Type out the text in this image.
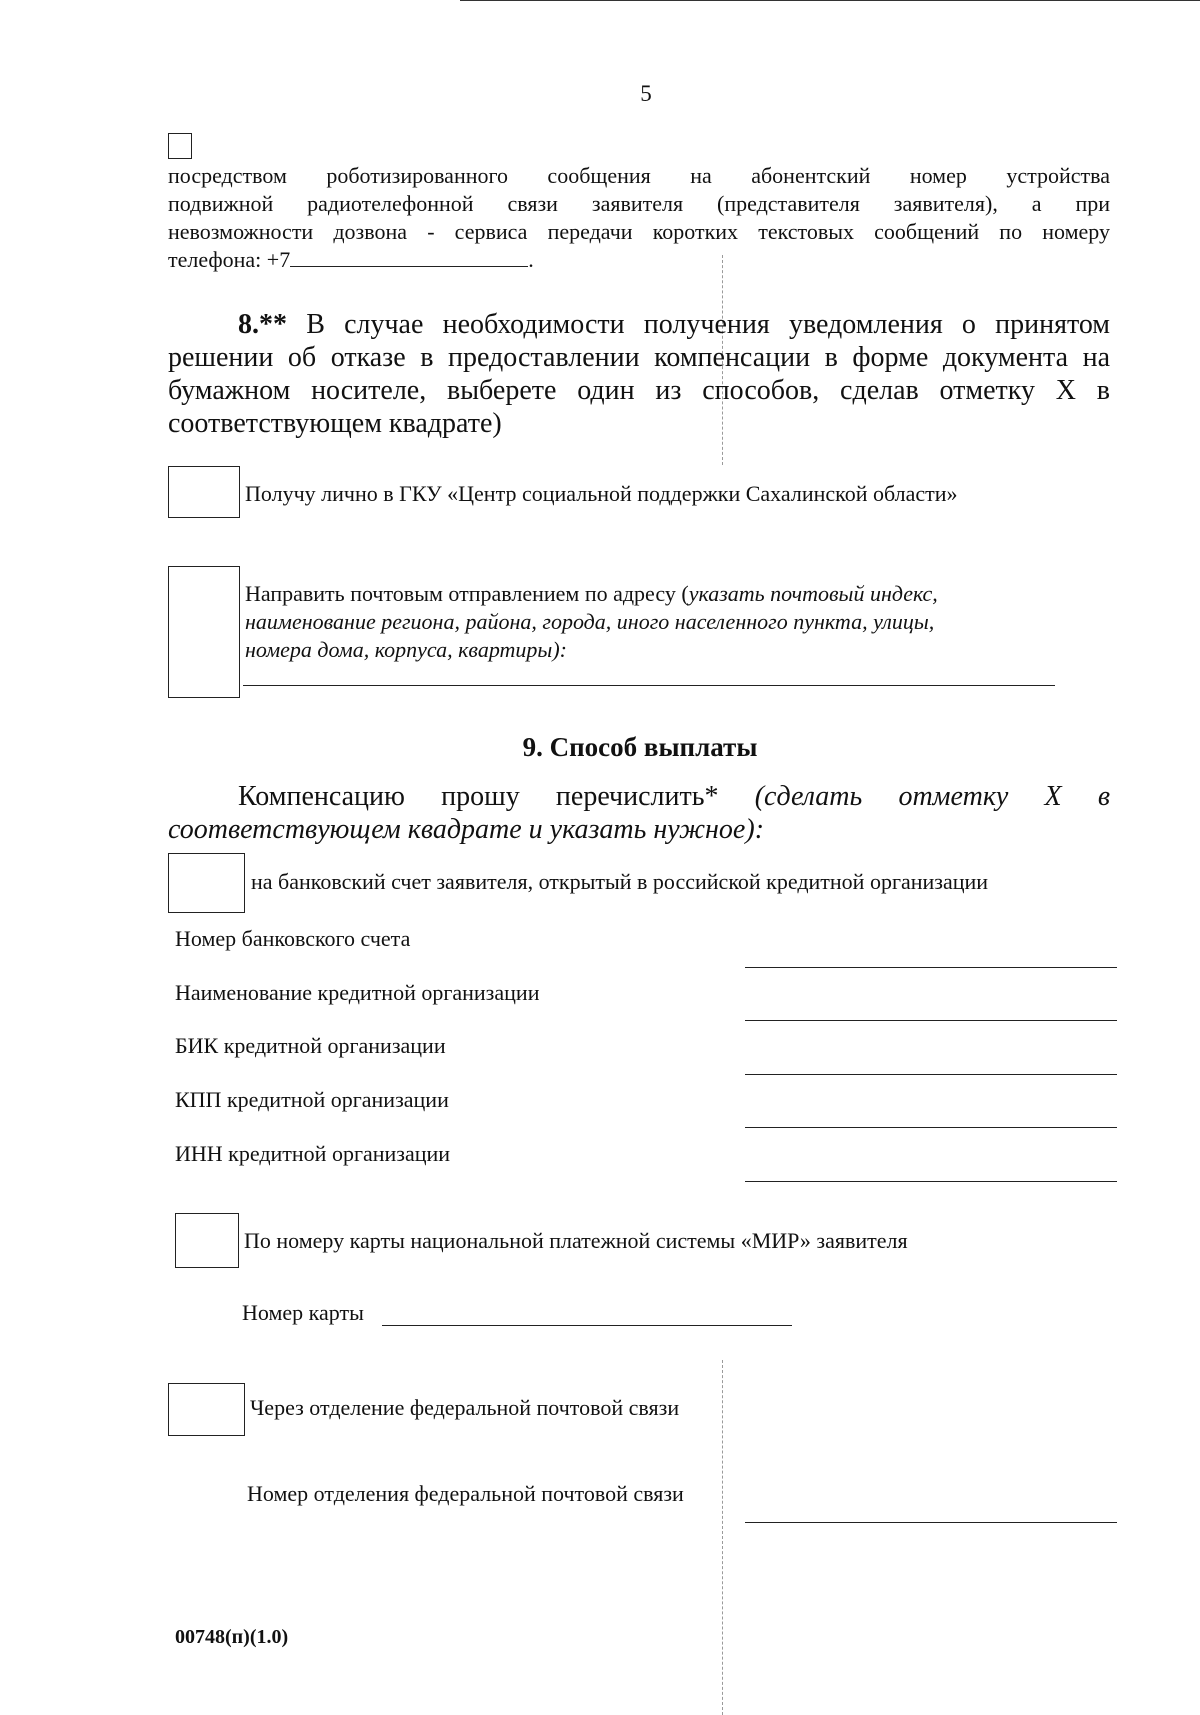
5
посредством роботизированного сообщения на абонентский номер устройства
подвижной радиотелефонной связи заявителя (представителя заявителя), а при
невозможности дозвона - сервиса передачи коротких текстовых сообщений по номеру
телефона: +7	.
8.** В случае необходимости получения уведомления о принятом
решении об отказе в предоставлении компенсации в форме документа на
бумажном носителе, выберете один из способов, сделав отметку Х в
соответствующем квадрате)
Получу лично в ГКУ «Центр социальной поддержки Сахалинской области»
Направить почтовым отправлением по адресу (указать почтовый индекс,
наименование региона, района, города, иного населенного пункта, улицы,
номера дома, корпуса, квартиры):
9. Способ выплаты
Компенсацию прошу перечислить* (сделать отметку Х в
соответствующем квадрате и указать нужное):
на банковский счет заявителя, открытый в российской кредитной организации
Номер банковского счета
Наименование кредитной организации
БИК кредитной организации
КПП кредитной организации
ИНН кредитной организации
По номеру карты национальной платежной системы «МИР» заявителя
Номер карты
Через отделение федеральной почтовой связи
Номер отделения федеральной почтовой связи
00748(п)(1.0)
